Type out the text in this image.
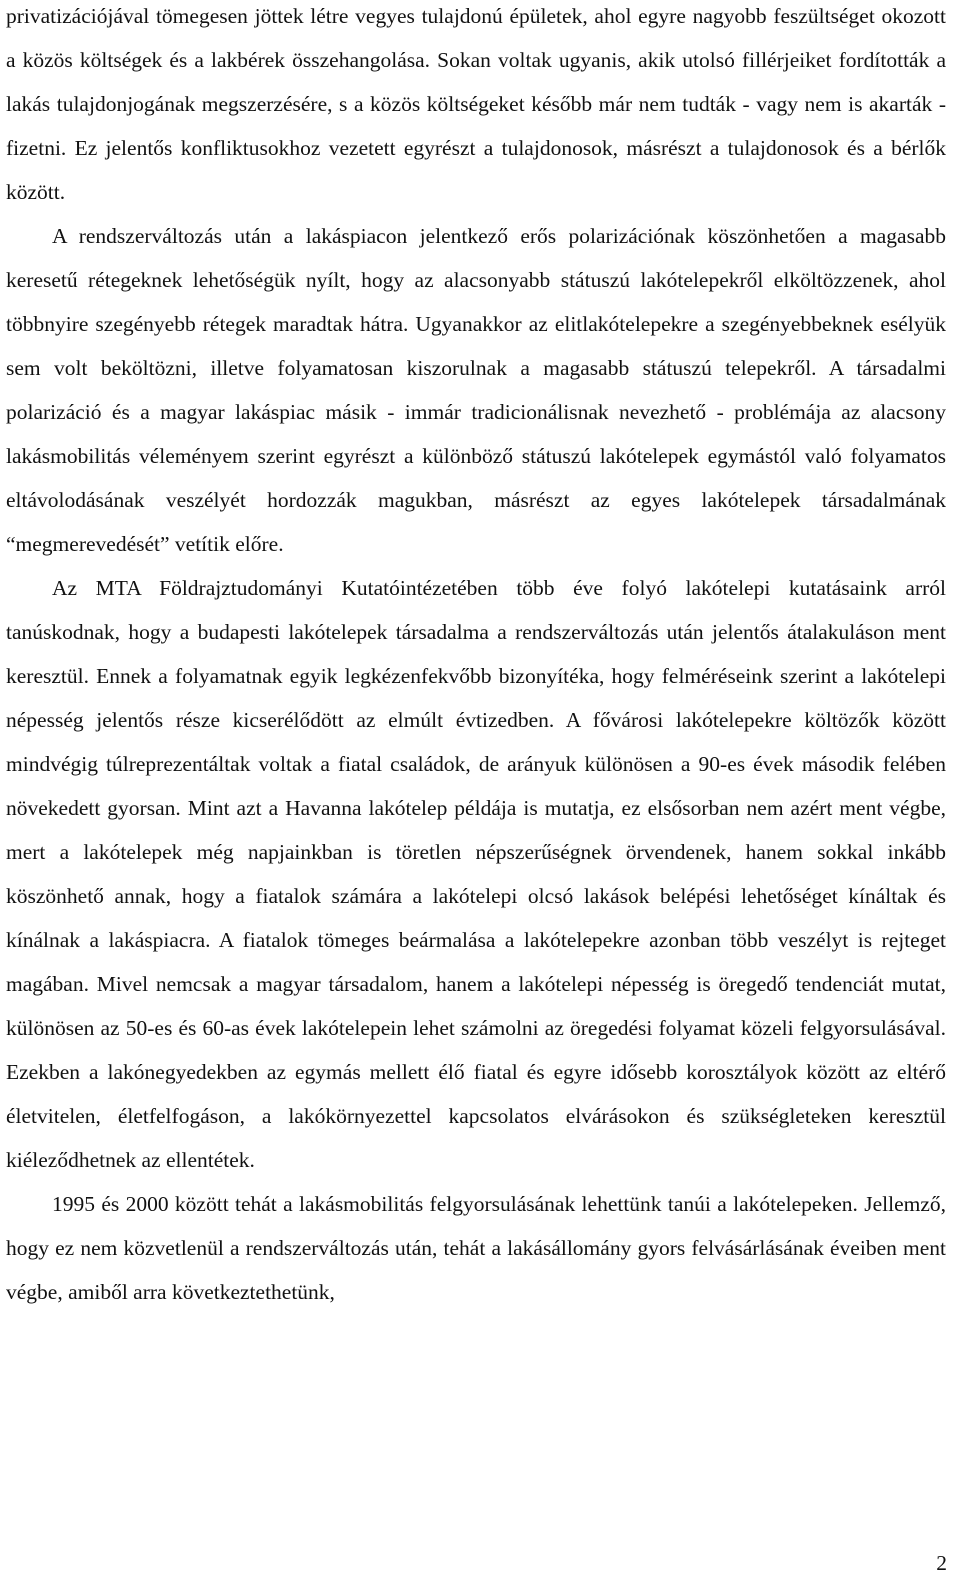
privatizációjával tömegesen jöttek létre vegyes tulajdonú épületek, ahol egyre nagyobb feszültséget okozott a közös költségek és a lakbérek összehangolása. Sokan voltak ugyanis, akik utolsó fillérjeiket fordították a lakás tulajdonjogának megszerzésére, s a közös költségeket később már nem tudták - vagy nem is akarták - fizetni. Ez jelentős konfliktusokhoz vezetett egyrészt a tulajdonosok, másrészt a tulajdonosok és a bérlők között.

A rendszerváltozás után a lakáspiacon jelentkező erős polarizációnak köszönhetően a magasabb keresetű rétegeknek lehetőségük nyílt, hogy az alacsonyabb státuszú lakótelepekről elköltözzenek, ahol többnyire szegényebb rétegek maradtak hátra. Ugyanakkor az elitlakótelepekre a szegényebbeknek esélyük sem volt beköltözni, illetve folyamatosan kiszorulnak a magasabb státuszú telepekről. A társadalmi polarizáció és a magyar lakáspiac másik - immár tradicionálisnak nevezhető - problémája az alacsony lakásmobilitás véleményem szerint egyrészt a különböző státuszú lakótelepek egymástól való folyamatos eltávolodásának veszélyét hordozzák magukban, másrészt az egyes lakótelepek társadalmának “megmerevedését” vetítik előre.

Az MTA Földrajztudományi Kutatóintézetében több éve folyó lakótelepi kutatásaink arról tanúskodnak, hogy a budapesti lakótelepek társadalma a rendszerváltozás után jelentős átalakuláson ment keresztül. Ennek a folyamatnak egyik legkézenfekvőbb bizonyítéka, hogy felméréseink szerint a lakótelepi népesség jelentős része kicserélődött az elmúlt évtizedben. A fővárosi lakótelepekre költözők között mindvégig túlreprezentáltak voltak a fiatal családok, de arányuk különösen a 90-es évek második felében növekedett gyorsan. Mint azt a Havanna lakótelep példája is mutatja, ez elsősorban nem azért ment végbe, mert a lakótelepek még napjainkban is töretlen népszerűségnek örvendenek, hanem sokkal inkább köszönhető annak, hogy a fiatalok számára a lakótelepi olcsó lakások belépési lehetőséget kínáltak és kínálnak a lakáspiacra. A fiatalok tömeges beármalása a lakótelepekre azonban több veszélyt is rejteget magában. Mivel nemcsak a magyar társadalom, hanem a lakótelepi népesség is öregedő tendenciát mutat, különösen az 50-es és 60-as évek lakótelepein lehet számolni az öregedési folyamat közeli felgyorsulásával. Ezekben a lakónegyedekben az egymás mellett élő fiatal és egyre idősebb korosztályok között az eltérő életvitelen, életfelfogáson, a lakókörnyezettel kapcsolatos elvárásokon és szükségleteken keresztül kiéleződhetnek az ellentétek.

1995 és 2000 között tehát a lakásmobilitás felgyorsulásának lehettünk tanúi a lakótelepeken. Jellemző, hogy ez nem közvetlenül a rendszerváltozás után, tehát a lakásállomány gyors felvásárlásának éveiben ment végbe, amiből arra következtethetünk,

2
